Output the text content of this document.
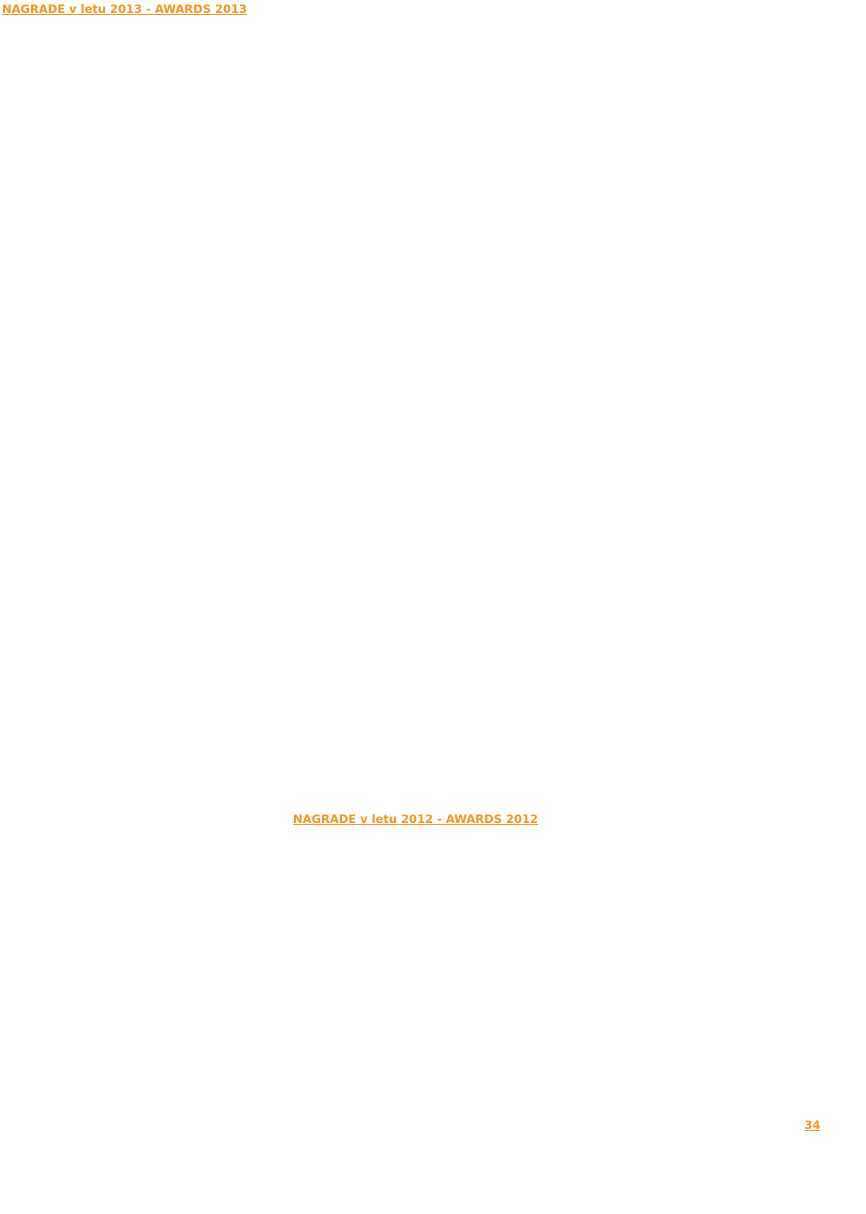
NAGRADE v letu 2013 - AWARDS 2013
Slovenski fotografski salon 2013, Ljubljana
Marjan Artnak - Finalist - White Lady
Marjan Artnak - Finalist - Silver Water
Exposed 2013 - Kanada
Marin Krapež - Certified medalja FIP - Sunset beach
Dublin Georgia Circuit ÚDA 2013 - Zda
Branko Petavs - 2x HM - Sashes 2013
Marjan Artnak - HM - Winter 2013A
Winter Salon 2013 - Velika Britanija
Marin Krapež - HM - Red cliffs of Spring
Nature - Foto 2 Digital Salon 2013 - Slovenija
Marjan Artnak - Finalist - The flame of the water
Razstavojni fotografski Avtostrada
Janez Rupnik - Bronasta medalja FZS - Blue morning
NAGRADE v letu 2012 - AWARDS 2012
Bayreuther International Salon 2012, Nemčija
Branko Petavs - Medalja FIAP - Reflexy foto
Branko Petavs - 2x HM - Mamma 2012
Branko Petavs - HM - Bridge 2012
Branko Petavs - HM - Sun 2012
7th Universal Photographic Competition 2012, Madžarska - Zlatopoli srebrni medalji
Marjan Artnak - PSA HM - Sunny - Scottfield - Slovenija
6. mednarodni salon ribolovni foto Salon in Srbija, Nikšićevo - Slovenija
Zdravko Čuk - PSA HM - Zora
Ivan Pavlič - PSA HM - Lady morning
NaturPhoto 2012 - International Nature and Wildlife Photography Contest, Srbija
Marjan Artnak - Trst Vyasharti medalja
Tih Takšajana Water
5th Al. Photo Dostenheyne Circuit 2012, Avstrija
Marjan Artnak - DIPL medalja - Flame of the water
Marjan Artnak - HM - The sweetest water
Fotoklub International Exhibition 2012, Poljska
Marin Krapež - Gratitude medalja - Sunset 2012 & Boulder
10th International Exhibition of Art Photography Kosmosovo 2012, Makedonija
Marjan Artnak - DIPL srebrna medalja - Totally silver water
XXI Mednarodni salon 2012, Slovenija
Ivan Pavlič - Diploma - Jan Lapesjarmedilic
Digital Salon Cl 2012, Hrvaška
Ivan Pavlič - 2x Bronasta Plaketa - Grand gallery
Miran Krapež - Bronasta medalja FIP Dub - 3 in Red pipes
Europortrait Foto 2012, Srbija
Marjan Artnak - Bronasta medalja - Broken Water Red
Marjan Artnak - Bronasta medalja - River of Water
7. Grenzeberg Super Circuit, Avstrija
Marin Krapež - 2. nagrada - Inverthaless ciritmenjurez - Kevsti
Mednarodni foto salon Avstrija - Slovenija
Marjan Artnak - 2. nagrada - Old wave of sea
Janez Rupnik - Diploma - Snowfacts
Georgia Southern Exhibition Circuit 2012 - ZDA
Branko Petavs - HM - Sunnyleaf 2012
Branko Petavs - HM - Bridge 22
Branko Petavs - HM - Woodleaf 2
Branko Petavs - HM - Clown 1
Branko Petavs - HM - Sunnyleaf 7
Branko Petavs - HM - Changing leaf 102
Branko Petavs - HM - Grace 10
Balkan 2012, International photography Circuit, Srbija
Branko Petavs - Diploma - Frenzied rise
2012 East Coast International Salon Exhibition, Velika Britanija
Miran Krapež - HM - Vanity
Branko Petavs - HM - Flowers 28
2. mednarodna fotografska razstava Nati - Jesen et zvezde, Avstrija
Branko Petavs - Diploma medalja - Flowers 17
Branko Petavs - 2x Zlatna medalja - Alveblue 120
V letu 2012 smo člani dosegli skupno 34
nagrad
